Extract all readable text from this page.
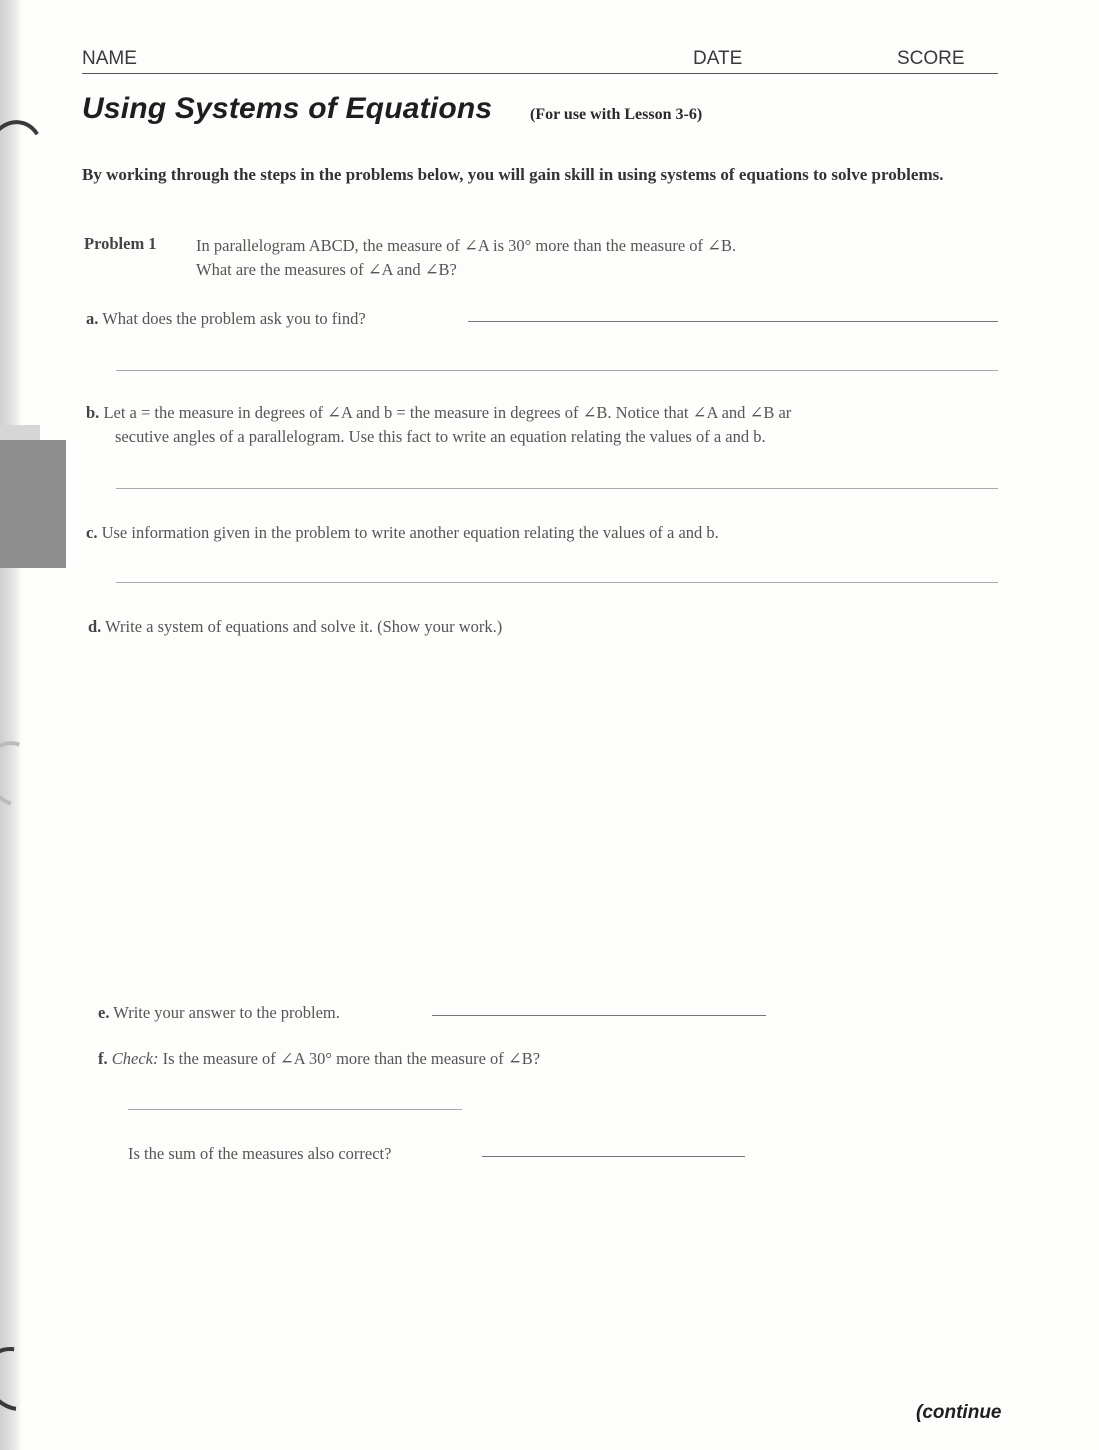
NAME	DATE	SCORE
Using Systems of Equations (For use with Lesson 3-6)
By working through the steps in the problems below, you will gain skill in using systems of equations to solve problems.
Problem 1 In parallelogram ABCD, the measure of ∠A is 30° more than the measure of ∠B.
What are the measures of ∠A and ∠B?
a. What does the problem ask you to find?
b. Let a = the measure in degrees of ∠A and b = the measure in degrees of ∠B. Notice that ∠A and ∠B ar
secutive angles of a parallelogram. Use this fact to write an equation relating the values of a and b.
c. Use information given in the problem to write another equation relating the values of a and b.
d. Write a system of equations and solve it. (Show your work.)
e. Write your answer to the problem.
f. Check: Is the measure of ∠A 30° more than the measure of ∠B?
Is the sum of the measures also correct?
(continue
